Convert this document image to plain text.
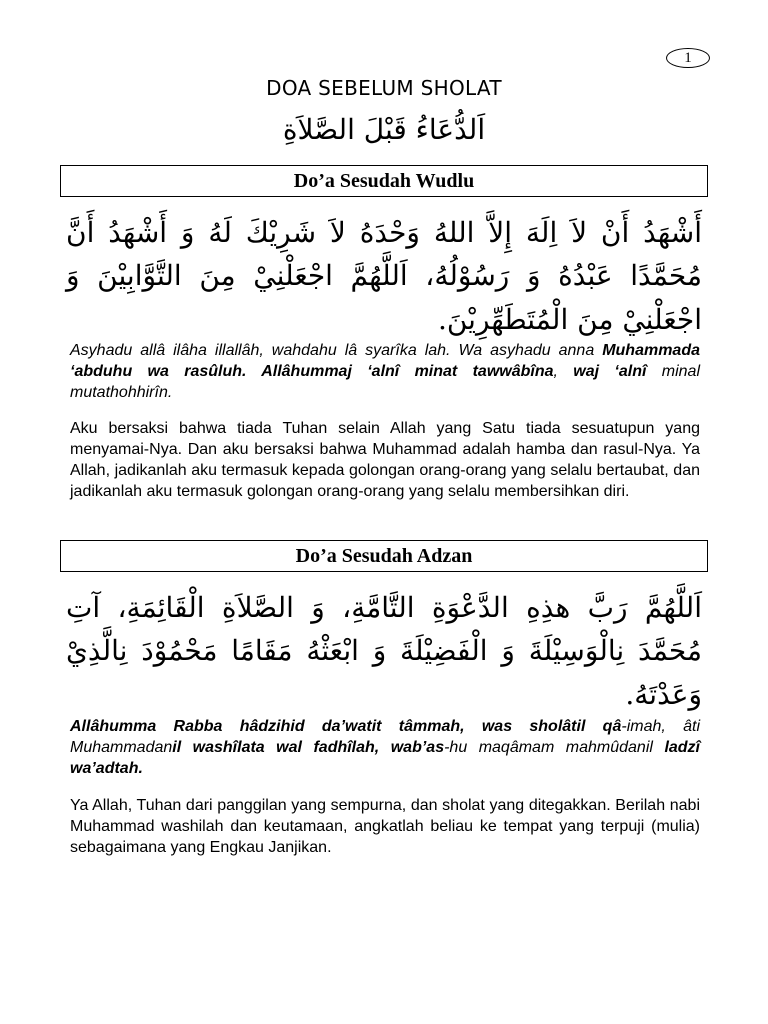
1
DOA SEBELUM SHOLAT
اَلدُّعَاءُ قَبْلَ الصَّلاَةِ
Do’a Sesudah Wudlu
أَشْهَدُ أَنْ لاَ اِلَهَ إِلاَّ اللهُ وَحْدَهُ لاَ شَرِيْكَ لَهُ وَ أَشْهَدُ أَنَّ مُحَمَّدًا عَبْدُهُ وَ رَسُوْلُهُ، اَللَّهُمَّ اجْعَلْنِيْ مِنَ التَّوَّابِيْنَ وَ اجْعَلْنِيْ مِنَ الْمُتَطَهِّرِيْنَ.

Asyhadu allâ ilâha illallâh, wahdahu lâ syarîka lah. Wa asyhadu anna Muhammada ‘abduhu wa rasûluh. Allâhummaj ‘alnî minat tawwâbîna, waj ‘alnî minal mutathohhirîn.

Aku bersaksi bahwa tiada Tuhan selain Allah yang Satu tiada sesuatupun yang menyamai-Nya. Dan aku bersaksi bahwa Muhammad adalah hamba dan rasul-Nya. Ya Allah, jadikanlah aku termasuk kepada golongan orang-orang yang selalu bertaubat, dan jadikanlah aku termasuk golongan orang-orang yang selalu membersihkan diri.

Do’a Sesudah Adzan
اَللَّهُمَّ رَبَّ هذِهِ الدَّعْوَةِ التَّامَّةِ، وَ الصَّلاَةِ الْقَائِمَةِ، آتِ مُحَمَّدَ نِالْوَسِيْلَةَ وَ الْفَضِيْلَةَ وَ ابْعَثْهُ مَقَامًا مَحْمُوْدَ نِالَّذِيْ وَعَدْتَهُ.

Allâhumma Rabba hâdzihid da’watit tâmmah, was sholâtil qâ-imah, âti Muhammadanil washîlata wal fadhîlah, wab’as-hu maqâmam mahmûdanil ladzî wa’adtah.

Ya Allah, Tuhan dari panggilan yang sempurna, dan sholat yang ditegakkan. Berilah nabi Muhammad washilah dan keutamaan, angkatlah beliau ke tempat yang terpuji (mulia) sebagaimana yang Engkau Janjikan.
